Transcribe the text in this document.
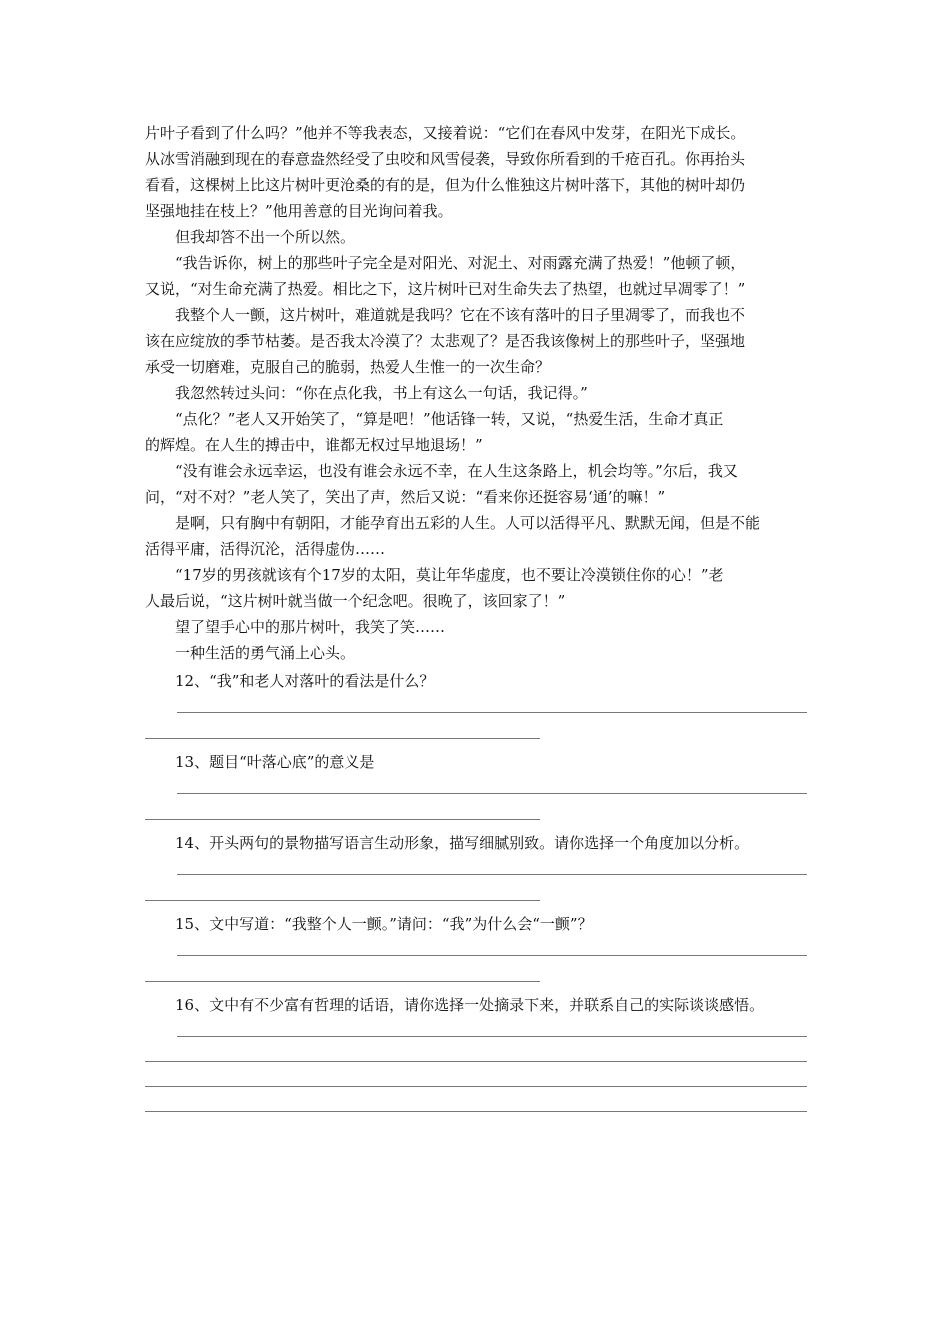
片叶子看到了什么吗？”他并不等我表态，又接着说：“它们在春风中发芽，在阳光下成长。

从冰雪消融到现在的春意盎然经受了虫咬和风雪侵袭，导致你所看到的千疮百孔。你再抬头

看看，这棵树上比这片树叶更沧桑的有的是，但为什么惟独这片树叶落下，其他的树叶却仍

坚强地挂在枝上？”他用善意的目光询问着我。

但我却答不出一个所以然。

“我告诉你，树上的那些叶子完全是对阳光、对泥土、对雨露充满了热爱！”他顿了顿，

又说，“对生命充满了热爱。相比之下，这片树叶已对生命失去了热望，也就过早凋零了！”

我整个人一颤，这片树叶，难道就是我吗？它在不该有落叶的日子里凋零了，而我也不

该在应绽放的季节枯萎。是否我太冷漠了？太悲观了？是否我该像树上的那些叶子，坚强地

承受一切磨难，克服自己的脆弱，热爱人生惟一的一次生命？

我忽然转过头问：“你在点化我，书上有这么一句话，我记得。”

“点化？”老人又开始笑了，“算是吧！”他话锋一转，又说，“热爱生活，生命才真正

的辉煌。在人生的搏击中，谁都无权过早地退场！”

“没有谁会永远幸运，也没有谁会永远不幸，在人生这条路上，机会均等。”尔后，我又

问，“对不对？”老人笑了，笑出了声，然后又说：“看来你还挺容易‘通’的嘛！”

是啊，只有胸中有朝阳，才能孕育出五彩的人生。人可以活得平凡、默默无闻，但是不能

活得平庸，活得沉沦，活得虚伪……

“17岁的男孩就该有个17岁的太阳，莫让年华虚度，也不要让冷漠锁住你的心！”老

人最后说，“这片树叶就当做一个纪念吧。很晚了，该回家了！”

望了望手心中的那片树叶，我笑了笑……

一种生活的勇气涌上心头。

12、“我”和老人对落叶的看法是什么？
13、题目“叶落心底”的意义是
14、开头两句的景物描写语言生动形象，描写细腻别致。请你选择一个角度加以分析。
15、文中写道：“我整个人一颤。”请问：“我”为什么会“一颤”？
16、文中有不少富有哲理的话语，请你选择一处摘录下来，并联系自己的实际谈谈感悟。
